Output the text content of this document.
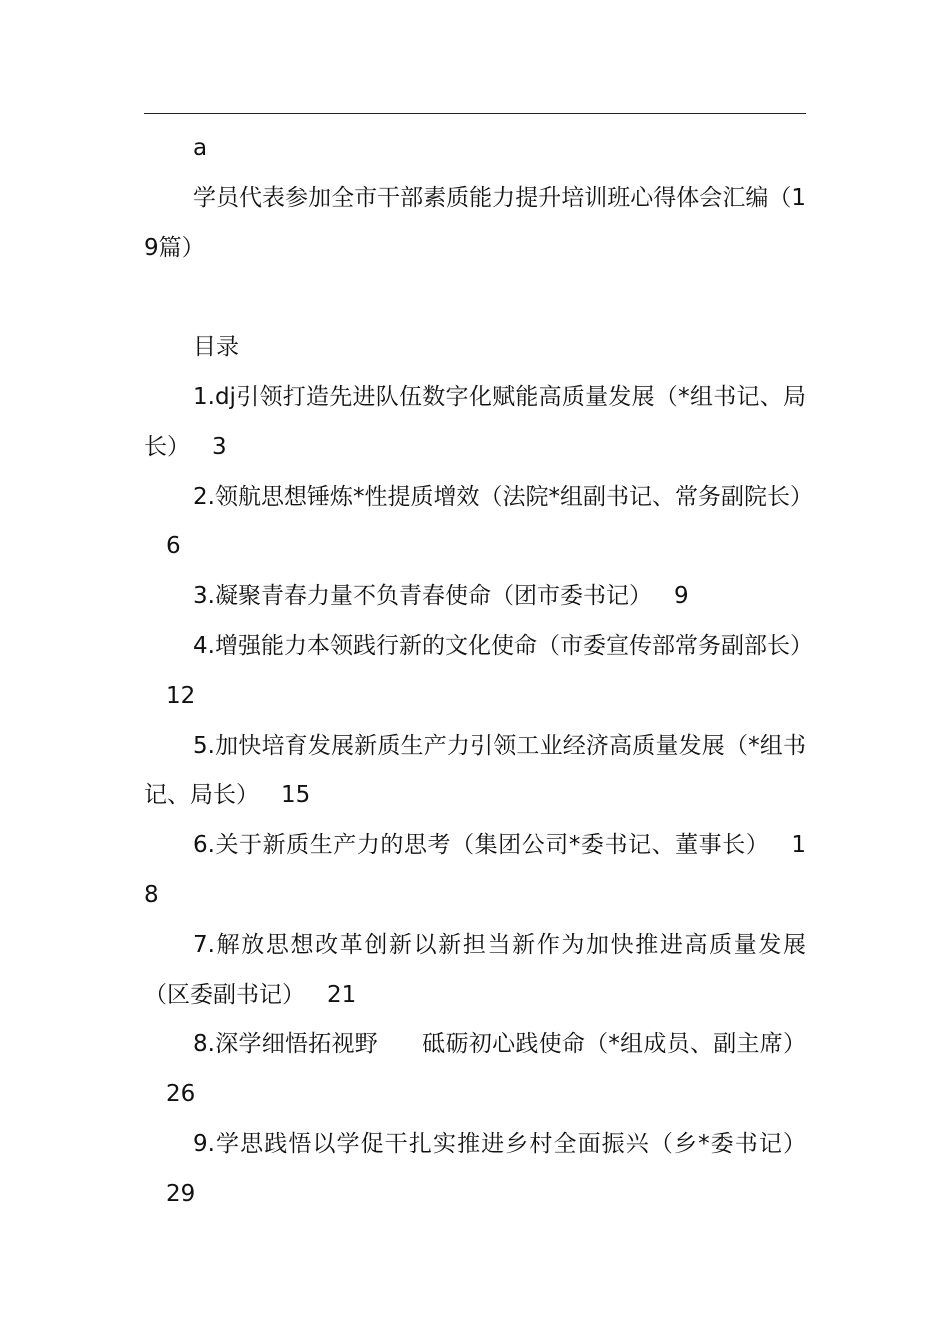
a

学员代表参加全市干部素质能力提升培训班心得体会汇编（19篇）

目录

1.dj引领打造先进队伍数字化赋能高质量发展（*组书记、局长） 3

2.领航思想锤炼*性提质增效（法院*组副书记、常务副院长）6

3.凝聚青春力量不负青春使命（团市委书记） 9

4.增强能力本领践行新的文化使命（市委宣传部常务副部长）12

5.加快培育发展新质生产力引领工业经济高质量发展（*组书记、局长） 15

6.关于新质生产力的思考（集团公司*委书记、董事长） 18

7.解放思想改革创新以新担当新作为加快推进高质量发展（区委副书记） 21

8.深学细悟拓视野 砥砺初心践使命（*组成员、副主席）26

9.学思践悟以学促干扎实推进乡村全面振兴（乡*委书记）29
